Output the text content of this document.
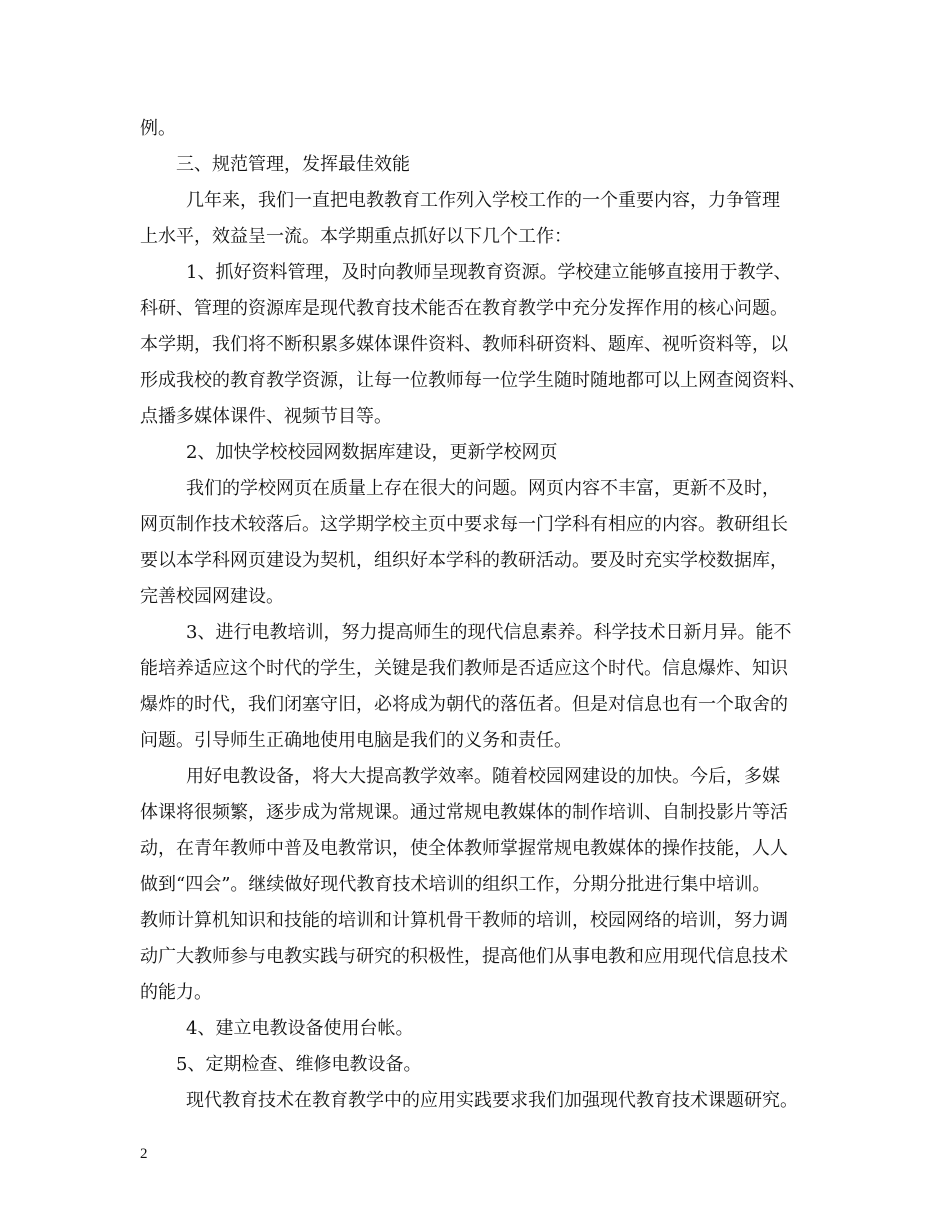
例。
三、规范管理，发挥最佳效能
几年来，我们一直把电教教育工作列入学校工作的一个重要内容，力争管理
上水平，效益呈一流。本学期重点抓好以下几个工作：
1、抓好资料管理，及时向教师呈现教育资源。学校建立能够直接用于教学、
科研、管理的资源库是现代教育技术能否在教育教学中充分发挥作用的核心问题。
本学期，我们将不断积累多媒体课件资料、教师科研资料、题库、视听资料等，以
形成我校的教育教学资源，让每一位教师每一位学生随时随地都可以上网查阅资料、
点播多媒体课件、视频节目等。
2、加快学校校园网数据库建设，更新学校网页
我们的学校网页在质量上存在很大的问题。网页内容不丰富，更新不及时，
网页制作技术较落后。这学期学校主页中要求每一门学科有相应的内容。教研组长
要以本学科网页建设为契机，组织好本学科的教研活动。要及时充实学校数据库，
完善校园网建设。
3、进行电教培训，努力提高师生的现代信息素养。科学技术日新月异。能不
能培养适应这个时代的学生，关键是我们教师是否适应这个时代。信息爆炸、知识
爆炸的时代，我们闭塞守旧，必将成为朝代的落伍者。但是对信息也有一个取舍的
问题。引导师生正确地使用电脑是我们的义务和责任。
用好电教设备，将大大提高教学效率。随着校园网建设的加快。今后，多媒
体课将很频繁，逐步成为常规课。通过常规电教媒体的制作培训、自制投影片等活
动，在青年教师中普及电教常识，使全体教师掌握常规电教媒体的操作技能，人人
做到“四会”。继续做好现代教育技术培训的组织工作，分期分批进行集中培训。
教师计算机知识和技能的培训和计算机骨干教师的培训，校园网络的培训，努力调
动广大教师参与电教实践与研究的积极性，提高他们从事电教和应用现代信息技术
的能力。
4、建立电教设备使用台帐。
5、定期检查、维修电教设备。
现代教育技术在教育教学中的应用实践要求我们加强现代教育技术课题研究。
2
